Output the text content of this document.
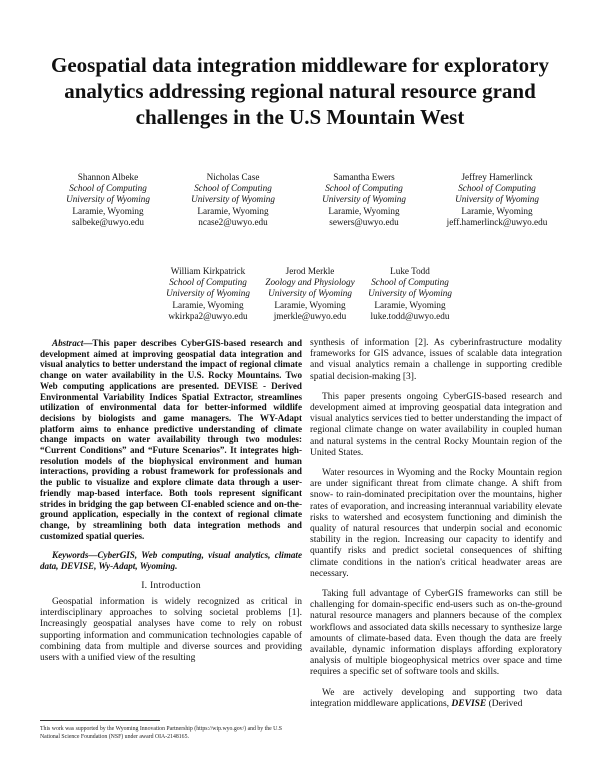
Geospatial data integration middleware for exploratory analytics addressing regional natural resource grand challenges in the U.S Mountain West
Shannon Albeke
School of Computing
University of Wyoming
Laramie, Wyoming
salbeke@uwyo.edu
Nicholas Case
School of Computing
University of Wyoming
Laramie, Wyoming
ncase2@uwyo.edu
Samantha Ewers
School of Computing
University of Wyoming
Laramie, Wyoming
sewers@uwyo.edu
Jeffrey Hamerlinck
School of Computing
University of Wyoming
Laramie, Wyoming
jeff.hamerlinck@uwyo.edu
William Kirkpatrick
School of Computing
University of Wyoming
Laramie, Wyoming
wkirkpa2@uwyo.edu
Jerod Merkle
Zoology and Physiology
University of Wyoming
Laramie, Wyoming
jmerkle@uwyo.edu
Luke Todd
School of Computing
University of Wyoming
Laramie, Wyoming
luke.todd@uwyo.edu
Abstract—This paper describes CyberGIS-based research and development aimed at improving geospatial data integration and visual analytics to better understand the impact of regional climate change on water availability in the U.S. Rocky Mountains. Two Web computing applications are presented. DEVISE - Derived Environmental Variability Indices Spatial Extractor, streamlines utilization of environmental data for better-informed wildlife decisions by biologists and game managers. The WY-Adapt platform aims to enhance predictive understanding of climate change impacts on water availability through two modules: “Current Conditions” and “Future Scenarios”. It integrates high-resolution models of the biophysical environment and human interactions, providing a robust framework for professionals and the public to visualize and explore climate data through a user-friendly map-based interface. Both tools represent significant strides in bridging the gap between CI-enabled science and on-the-ground application, especially in the context of regional climate change, by streamlining both data integration methods and customized spatial queries.
Keywords—CyberGIS, Web computing, visual analytics, climate data, DEVISE, Wy-Adapt, Wyoming.
I. Introduction

Geospatial information is widely recognized as critical in interdisciplinary approaches to solving societal problems [1]. Increasingly geospatial analyses have come to rely on robust supporting information and communication technologies capable of combining data from multiple and diverse sources and providing users with a unified view of the resulting

synthesis of information [2]. As cyberinfrastructure modality frameworks for GIS advance, issues of scalable data integration and visual analytics remain a challenge in supporting credible spatial decision-making [3].

This paper presents ongoing CyberGIS-based research and development aimed at improving geospatial data integration and visual analytics services tied to better understanding the impact of regional climate change on water availability in coupled human and natural systems in the central Rocky Mountain region of the United States.

Water resources in Wyoming and the Rocky Mountain region are under significant threat from climate change. A shift from snow- to rain-dominated precipitation over the mountains, higher rates of evaporation, and increasing interannual variability elevate risks to watershed and ecosystem functioning and diminish the quality of natural resources that underpin social and economic stability in the region. Increasing our capacity to identify and quantify risks and predict societal consequences of shifting climate conditions in the nation's critical headwater areas are necessary.

Taking full advantage of CyberGIS frameworks can still be challenging for domain-specific end-users such as on-the-ground natural resource managers and planners because of the complex workflows and associated data skills necessary to synthesize large amounts of climate-based data. Even though the data are freely available, dynamic information displays affording exploratory analysis of multiple biogeophysical metrics over space and time requires a specific set of software tools and skills.

We are actively developing and supporting two data integration middleware applications, DEVISE (Derived

This work was supported by the Wyoming Innovation Partnership (https://wip.wyo.gov/) and by the U.S National Science Foundation (NSF) under award OIA-2148165.
